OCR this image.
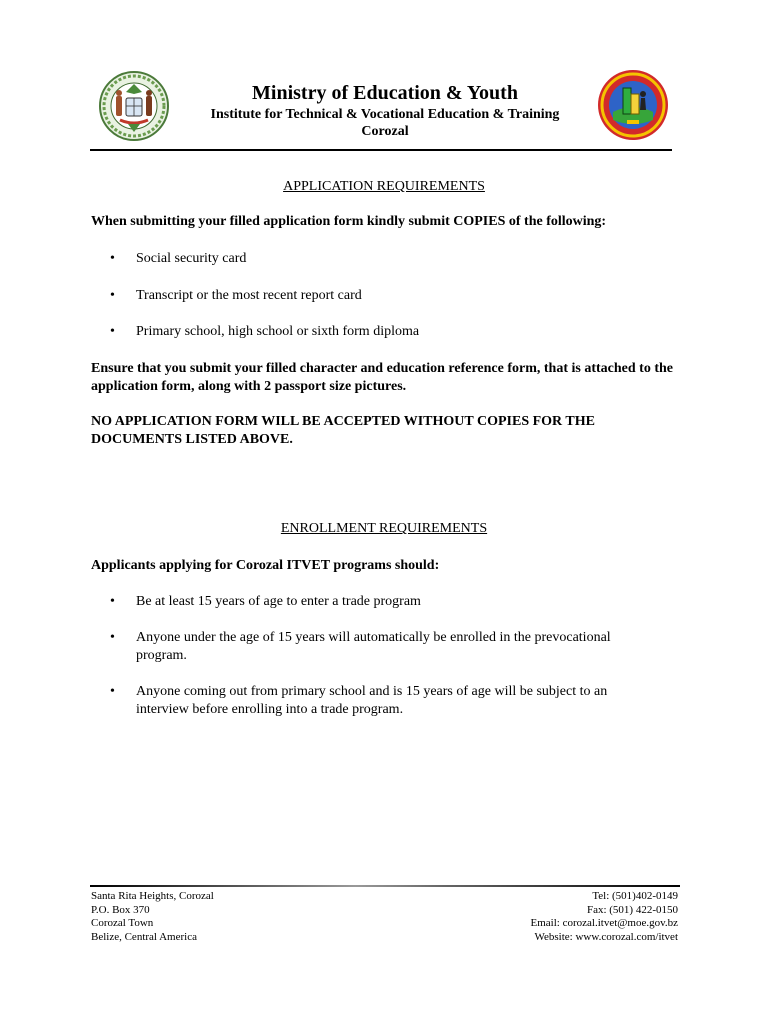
Ministry of Education & Youth
Institute for Technical & Vocational Education & Training
Corozal
APPLICATION REQUIREMENTS
When submitting your filled application form kindly submit COPIES of the following:
•	Social security card
•	Transcript or the most recent report card
•	Primary school, high school or sixth form diploma
Ensure that you submit your filled character and education reference form, that is attached to the application form, along with 2 passport size pictures.
NO APPLICATION FORM WILL BE ACCEPTED WITHOUT COPIES FOR THE DOCUMENTS LISTED ABOVE.
ENROLLMENT REQUIREMENTS
Applicants applying for Corozal ITVET programs should:
•	Be at least 15 years of age to enter a trade program
•	Anyone under the age of 15 years will automatically be enrolled in the prevocational program.
•	Anyone coming out from primary school and is 15 years of age will be subject to an interview before enrolling into a trade program.
Santa Rita Heights, Corozal
P.O. Box 370
Corozal Town
Belize, Central America
Tel: (501)402-0149
Fax: (501) 422-0150
Email: corozal.itvet@moe.gov.bz
Website: www.corozal.com/itvet
